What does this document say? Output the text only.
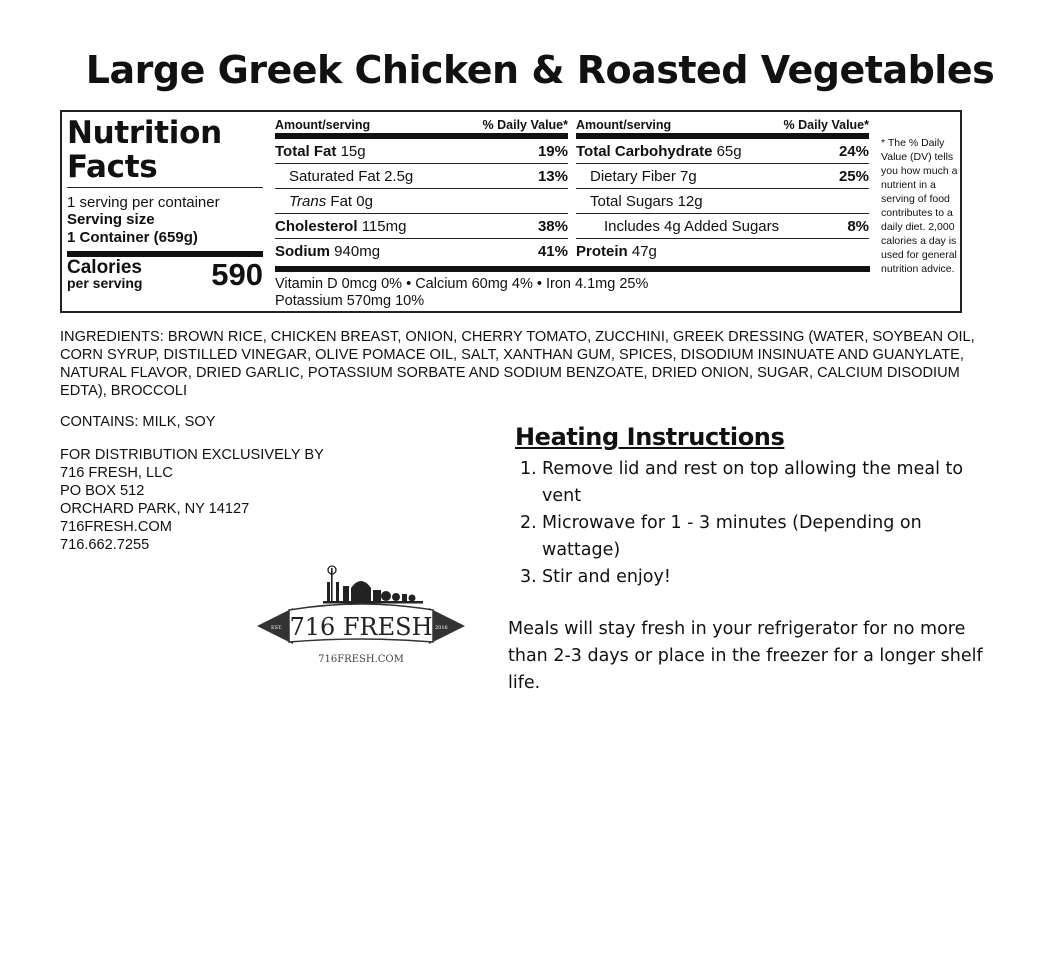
Large Greek Chicken & Roasted Vegetables
Nutrition
Facts
1 serving per container
Serving size
1 Container (659g)
Calories
per serving 590
Amount/serving	% Daily Value*
Total Fat 15g	19%
Saturated Fat 2.5g	13%
Trans Fat 0g
Cholesterol 115mg	38%
Sodium 940mg	41%
Amount/serving	% Daily Value*
Total Carbohydrate 65g	24%
Dietary Fiber 7g	25%
Total Sugars 12g
Includes 4g Added Sugars	8%
Protein 47g
Vitamin D 0mcg 0% • Calcium 60mg 4% • Iron 4.1mg 25%
Potassium 570mg 10%
* The % Daily Value (DV) tells you how much a nutrient in a serving of food contributes to a daily diet. 2,000 calories a day is used for general nutrition advice.
INGREDIENTS: BROWN RICE, CHICKEN BREAST, ONION, CHERRY TOMATO, ZUCCHINI, GREEK DRESSING (WATER, SOYBEAN OIL, CORN SYRUP, DISTILLED VINEGAR, OLIVE POMACE OIL, SALT, XANTHAN GUM, SPICES, DISODIUM INSINUATE AND GUANYLATE, NATURAL FLAVOR, DRIED GARLIC, POTASSIUM SORBATE AND SODIUM BENZOATE, DRIED ONION, SUGAR, CALCIUM DISODIUM EDTA), BROCCOLI
CONTAINS: MILK, SOY
FOR DISTRIBUTION EXCLUSIVELY BY
716 FRESH, LLC
PO BOX 512
ORCHARD PARK, NY 14127
716FRESH.COM
716.662.7255
EST.	2016
716 FRESH
716FRESH.COM
Heating Instructions
1. Remove lid and rest on top allowing the meal to vent
2. Microwave for 1 - 3 minutes (Depending on wattage)
3. Stir and enjoy!
Meals will stay fresh in your refrigerator for no more than 2-3 days or place in the freezer for a longer shelf life.
